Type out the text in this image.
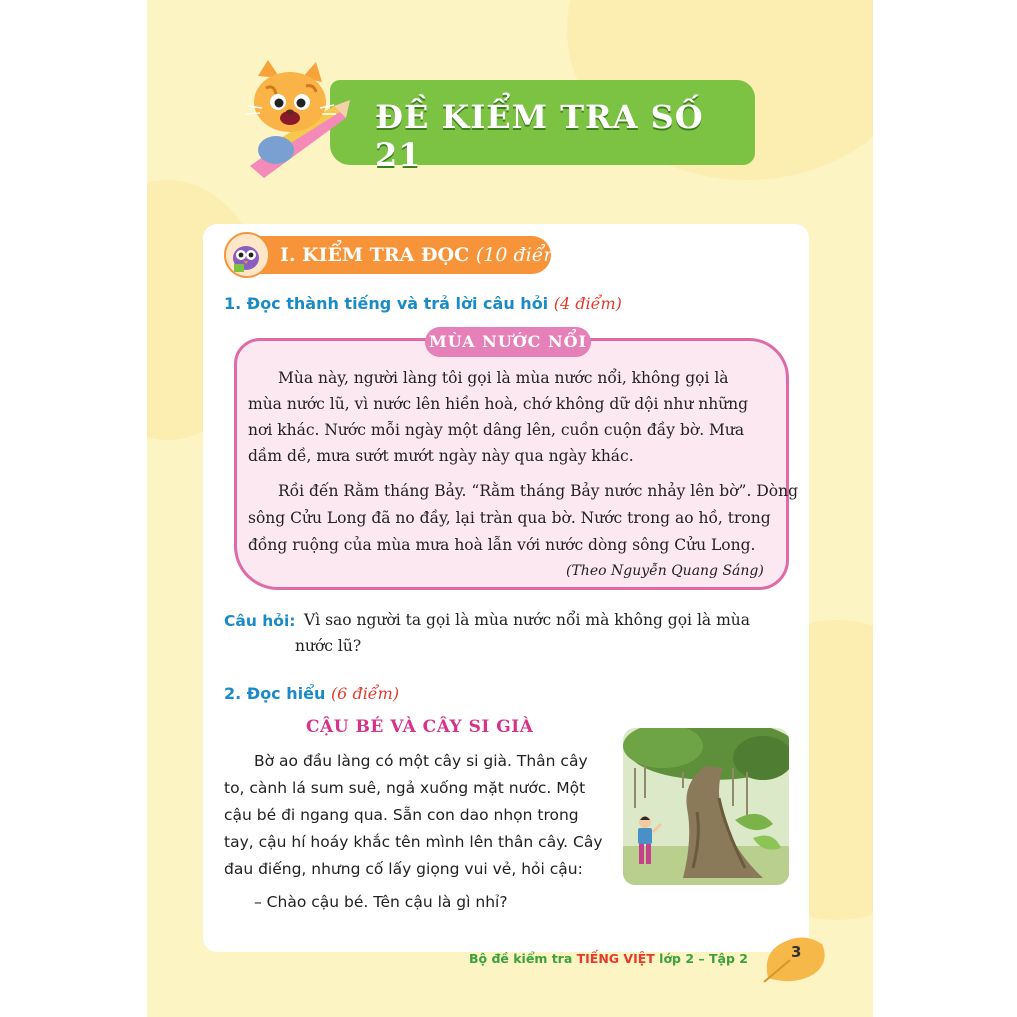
ĐỀ KIỂM TRA SỐ 21
I. KIỂM TRA ĐỌC (10 điểm)
1. Đọc thành tiếng và trả lời câu hỏi (4 điểm)
MÙA NƯỚC NỔI
Mùa này, người làng tôi gọi là mùa nước nổi, không gọi là
mùa nước lũ, vì nước lên hiền hoà, chớ không dữ dội như những
nơi khác. Nước mỗi ngày một dâng lên, cuồn cuộn đầy bờ. Mưa
dầm dề, mưa sướt mướt ngày này qua ngày khác.
Rồi đến Rằm tháng Bảy. “Rằm tháng Bảy nước nhảy lên bờ”. Dòng
sông Cửu Long đã no đầy, lại tràn qua bờ. Nước trong ao hồ, trong
đồng ruộng của mùa mưa hoà lẫn với nước dòng sông Cửu Long.
(Theo Nguyễn Quang Sáng)
Câu hỏi: Vì sao người ta gọi là mùa nước nổi mà không gọi là mùa
nước lũ?
2. Đọc hiểu (6 điểm)
CẬU BÉ VÀ CÂY SI GIÀ
Bờ ao đầu làng có một cây si già. Thân cây
to, cành lá sum suê, ngả xuống mặt nước. Một
cậu bé đi ngang qua. Sẵn con dao nhọn trong
tay, cậu hí hoáy khắc tên mình lên thân cây. Cây
đau điếng, nhưng cố lấy giọng vui vẻ, hỏi cậu:
– Chào cậu bé. Tên cậu là gì nhỉ?
Bộ đề kiểm tra TIẾNG VIỆT lớp 2 – Tập 2	3
